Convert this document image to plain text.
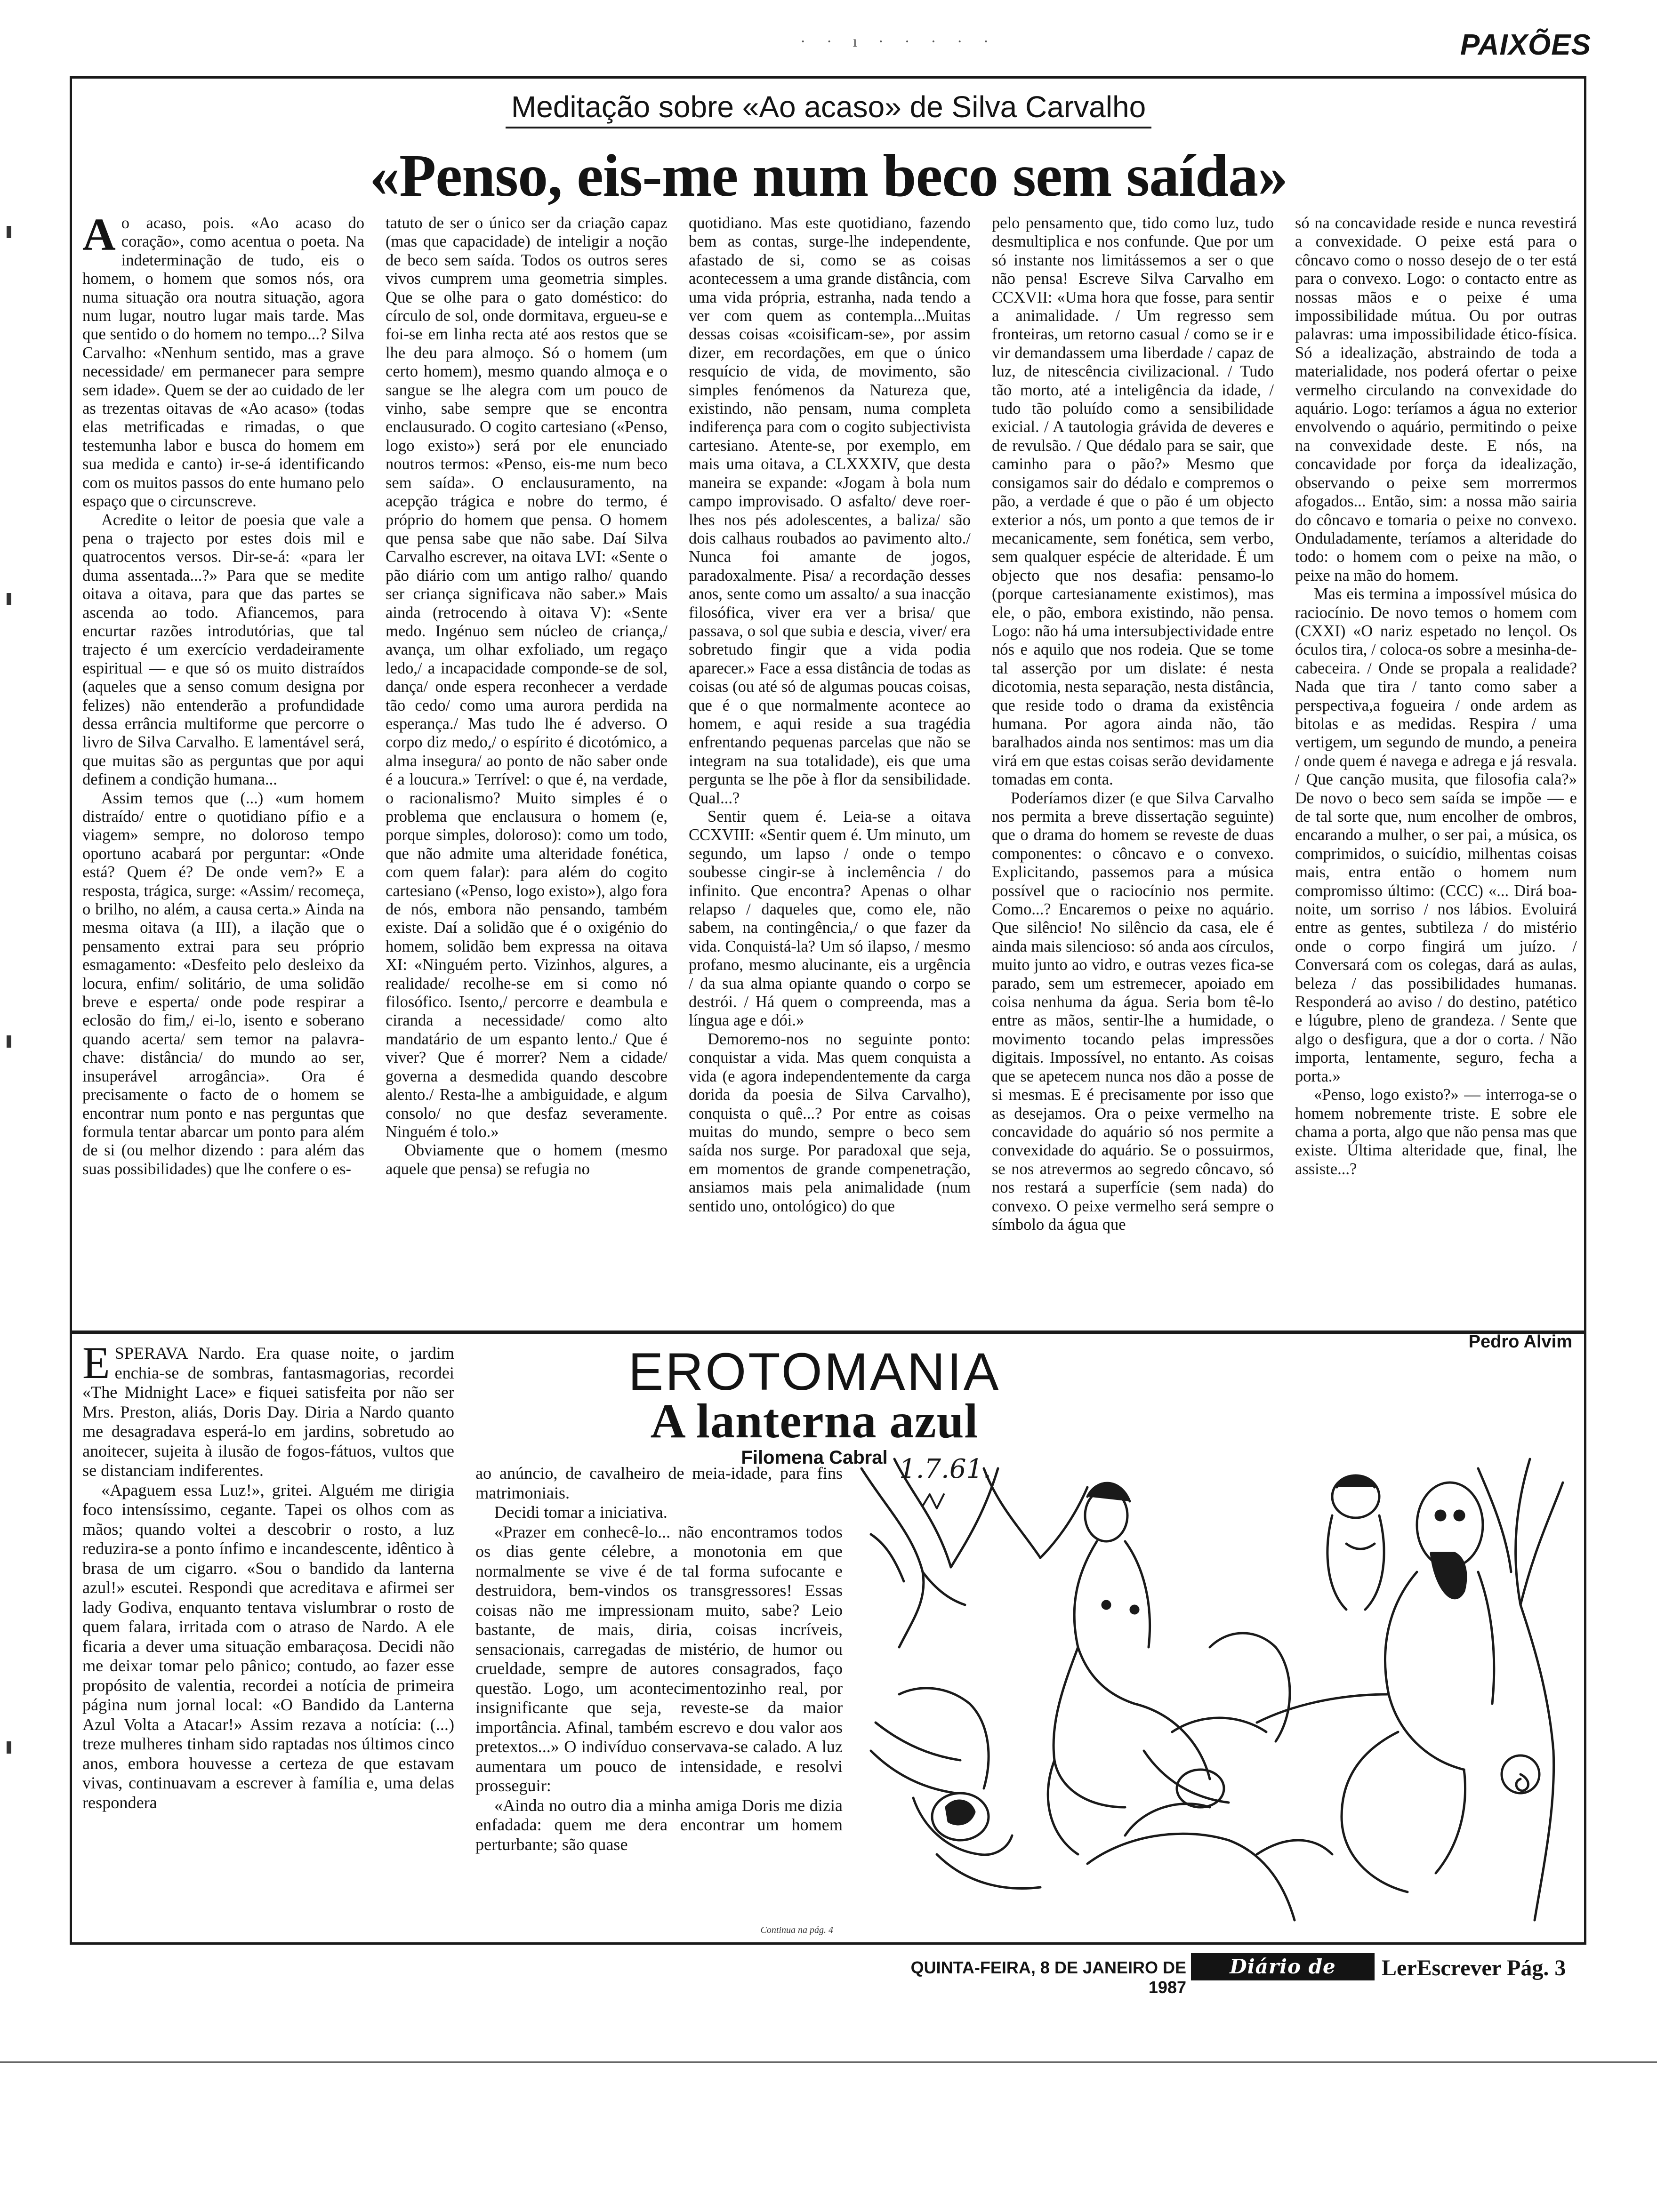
· · ı · · · · ·	PAIXÕES
Meditação sobre «Ao acaso» de Silva Carvalho
«Penso, eis-me num beco sem saída»

Ao acaso, pois. «Ao acaso do coração», como acentua o poeta. Na indeterminação de tudo, eis o homem, o homem que somos nós, ora numa situação ora noutra situação, agora num lugar, noutro lugar mais tarde. Mas que sentido o do homem no tempo...? Silva Carvalho: «Nenhum sentido, mas a grave necessidade/ em permanecer para sempre sem idade». Quem se der ao cuidado de ler as trezentas oitavas de «Ao acaso» (todas elas metrificadas e rimadas, o que testemunha labor e busca do homem em sua medida e canto) ir-se-á identificando com os muitos passos do ente humano pelo espaço que o circunscreve.

Acredite o leitor de poesia que vale a pena o trajecto por estes dois mil e quatrocentos versos. Dir-se-á: «para ler duma assentada...?» Para que se medite oitava a oitava, para que das partes se ascenda ao todo. Afiancemos, para encurtar razões introdutórias, que tal trajecto é um exercício verdadeiramente espiritual — e que só os muito distraídos (aqueles que a senso comum designa por felizes) não entenderão a profundidade dessa errância multiforme que percorre o livro de Silva Carvalho. E lamentável será, que muitas são as perguntas que por aqui definem a condição humana...

Assim temos que (...) «um homem distraído/ entre o quotidiano pífio e a viagem» sempre, no doloroso tempo oportuno acabará por perguntar: «Onde está? Quem é? De onde vem?» E a resposta, trágica, surge: «Assim/ recomeça, o brilho, no além, a causa certa.» Ainda na mesma oitava (a III), a ilação que o pensamento extrai para seu próprio esmagamento: «Desfeito pelo desleixo da locura, enfim/ solitário, de uma solidão breve e esperta/ onde pode respirar a eclosão do fim,/ ei-lo, isento e soberano quando acerta/ sem temor na palavra-chave: distância/ do mundo ao ser, insuperável arrogância». Ora é precisamente o facto de o homem se encontrar num ponto e nas perguntas que formula tentar abarcar um ponto para além de si (ou melhor dizendo : para além das suas possibilidades) que lhe confere o es-

tatuto de ser o único ser da criação capaz (mas que capacidade) de inteligir a noção de beco sem saída. Todos os outros seres vivos cumprem uma geometria simples. Que se olhe para o gato doméstico: do círculo de sol, onde dormitava, ergueu-se e foi-se em linha recta até aos restos que se lhe deu para almoço. Só o homem (um certo homem), mesmo quando almoça e o sangue se lhe alegra com um pouco de vinho, sabe sempre que se encontra enclausurado. O cogito cartesiano («Penso, logo existo») será por ele enunciado noutros termos: «Penso, eis-me num beco sem saída». O enclausuramento, na acepção trágica e nobre do termo, é próprio do homem que pensa. O homem que pensa sabe que não sabe. Daí Silva Carvalho escrever, na oitava LVI: «Sente o pão diário com um antigo ralho/ quando ser criança significava não saber.» Mais ainda (retrocendo à oitava V): «Sente medo. Ingénuo sem núcleo de criança,/ avança, um olhar exfoliado, um regaço ledo,/ a incapacidade componde-se de sol, dança/ onde espera reconhecer a verdade tão cedo/ como uma aurora perdida na esperança./ Mas tudo lhe é adverso. O corpo diz medo,/ o espírito é dicotómico, a alma insegura/ ao ponto de não saber onde é a loucura.» Terrível: o que é, na verdade, o racionalismo? Muito simples é o problema que enclausura o homem (e, porque simples, doloroso): como um todo, que não admite uma alteridade fonética, com quem falar): para além do cogito cartesiano («Penso, logo existo»), algo fora de nós, embora não pensando, também existe. Daí a solidão que é o oxigénio do homem, solidão bem expressa na oitava XI: «Ninguém perto. Vizinhos, algures, a realidade/ recolhe-se em si como nó filosófico. Isento,/ percorre e deambula e ciranda a necessidade/ como alto mandatário de um espanto lento./ Que é viver? Que é morrer? Nem a cidade/ governa a desmedida quando descobre alento./ Resta-lhe a ambiguidade, e algum consolo/ no que desfaz severamente. Ninguém é tolo.»

Obviamente que o homem (mesmo aquele que pensa) se refugia no

quotidiano. Mas este quotidiano, fazendo bem as contas, surge-lhe independente, afastado de si, como se as coisas acontecessem a uma grande distância, com uma vida própria, estranha, nada tendo a ver com quem as contempla...Muitas dessas coisas «coisificam-se», por assim dizer, em recordações, em que o único resquício de vida, de movimento, são simples fenómenos da Natureza que, existindo, não pensam, numa completa indiferença para com o cogito subjectivista cartesiano. Atente-se, por exemplo, em mais uma oitava, a CLXXXIV, que desta maneira se expande: «Jogam à bola num campo improvisado. O asfalto/ deve roer-lhes nos pés adolescentes, a baliza/ são dois calhaus roubados ao pavimento alto./ Nunca foi amante de jogos, paradoxalmente. Pisa/ a recordação desses anos, sente como um assalto/ a sua inacção filosófica, viver era ver a brisa/ que passava, o sol que subia e descia, viver/ era sobretudo fingir que a vida podia aparecer.» Face a essa distância de todas as coisas (ou até só de algumas poucas coisas, que é o que normalmente acontece ao homem, e aqui reside a sua tragédia enfrentando pequenas parcelas que não se integram na sua totalidade), eis que uma pergunta se lhe põe à flor da sensibilidade. Qual...?

Sentir quem é. Leia-se a oitava CCXVIII: «Sentir quem é. Um minuto, um segundo, um lapso / onde o tempo soubesse cingir-se à inclemência / do infinito. Que encontra? Apenas o olhar relapso / daqueles que, como ele, não sabem, na contingência,/ o que fazer da vida. Conquistá-la? Um só ilapso, / mesmo profano, mesmo alucinante, eis a urgência / da sua alma opiante quando o corpo se destrói. / Há quem o compreenda, mas a língua age e dói.»

Demoremo-nos no seguinte ponto: conquistar a vida. Mas quem conquista a vida (e agora independentemente da carga dorida da poesia de Silva Carvalho), conquista o quê...? Por entre as coisas muitas do mundo, sempre o beco sem saída nos surge. Por paradoxal que seja, em momentos de grande compenetração, ansiamos mais pela animalidade (num sentido uno, ontológico) do que

pelo pensamento que, tido como luz, tudo desmultiplica e nos confunde. Que por um só instante nos limitássemos a ser o que não pensa! Escreve Silva Carvalho em CCXVII: «Uma hora que fosse, para sentir a animalidade. / Um regresso sem fronteiras, um retorno casual / como se ir e vir demandassem uma liberdade / capaz de luz, de nitescência civilizacional. / Tudo tão morto, até a inteligência da idade, / tudo tão poluído como a sensibilidade exicial. / A tautologia grávida de deveres e de revulsão. / Que dédalo para se sair, que caminho para o pão?» Mesmo que consigamos sair do dédalo e compremos o pão, a verdade é que o pão é um objecto exterior a nós, um ponto a que temos de ir mecanicamente, sem fonética, sem verbo, sem qualquer espécie de alteridade. É um objecto que nos desafia: pensamo-lo (porque cartesianamente existimos), mas ele, o pão, embora existindo, não pensa. Logo: não há uma intersubjectividade entre nós e aquilo que nos rodeia. Que se tome tal asserção por um dislate: é nesta dicotomia, nesta separação, nesta distância, que reside todo o drama da existência humana. Por agora ainda não, tão baralhados ainda nos sentimos: mas um dia virá em que estas coisas serão devidamente tomadas em conta.

Poderíamos dizer (e que Silva Carvalho nos permita a breve dissertação seguinte) que o drama do homem se reveste de duas componentes: o côncavo e o convexo. Explicitando, passemos para a música possível que o raciocínio nos permite. Como...? Encaremos o peixe no aquário. Que silêncio! No silêncio da casa, ele é ainda mais silencioso: só anda aos círculos, muito junto ao vidro, e outras vezes fica-se parado, sem um estremecer, apoiado em coisa nenhuma da água. Seria bom tê-lo entre as mãos, sentir-lhe a humidade, o movimento tocando pelas impressões digitais. Impossível, no entanto. As coisas que se apetecem nunca nos dão a posse de si mesmas. E é precisamente por isso que as desejamos. Ora o peixe vermelho na concavidade do aquário só nos permite a convexidade do aquário. Se o possuirmos, se nos atrevermos ao segredo côncavo, só nos restará a superfície (sem nada) do convexo. O peixe vermelho será sempre o símbolo da água que

só na concavidade reside e nunca revestirá a convexidade. O peixe está para o côncavo como o nosso desejo de o ter está para o convexo. Logo: o contacto entre as nossas mãos e o peixe é uma impossibilidade mútua. Ou por outras palavras: uma impossibilidade ético-física. Só a idealização, abstraindo de toda a materialidade, nos poderá ofertar o peixe vermelho circulando na convexidade do aquário. Logo: teríamos a água no exterior envolvendo o aquário, permitindo o peixe na convexidade deste. E nós, na concavidade por força da idealização, observando o peixe sem morrermos afogados... Então, sim: a nossa mão sairia do côncavo e tomaria o peixe no convexo. Onduladamente, teríamos a alteridade do todo: o homem com o peixe na mão, o peixe na mão do homem.

Mas eis termina a impossível música do raciocínio. De novo temos o homem com (CXXI) «O nariz espetado no lençol. Os óculos tira, / coloca-os sobre a mesinha-de-cabeceira. / Onde se propala a realidade? Nada que tira / tanto como saber a perspectiva,a fogueira / onde ardem as bitolas e as medidas. Respira / uma vertigem, um segundo de mundo, a peneira / onde quem é navega e adrega e já resvala. / Que canção musita, que filosofia cala?» De novo o beco sem saída se impõe — e de tal sorte que, num encolher de ombros, encarando a mulher, o ser pai, a música, os comprimidos, o suicídio, milhentas coisas mais, entra então o homem num compromisso último: (CCC) «... Dirá boa-noite, um sorriso / nos lábios. Evoluirá entre as gentes, subtileza / do mistério onde o corpo fingirá um juízo. / Conversará com os colegas, dará as aulas, beleza / das possibilidades humanas. Responderá ao aviso / do destino, patético e lúgubre, pleno de grandeza. / Sente que algo o desfigura, que a dor o corta. / Não importa, lentamente, seguro, fecha a porta.»

«Penso, logo existo?» — interroga-se o homem nobremente triste. E sobre ele chama a porta, algo que não pensa mas que existe. Última alteridade que, final, lhe assiste...?

Pedro Alvim
EROTOMANIA
A lanterna azul
Filomena Cabral

ESPERAVA Nardo. Era quase noite, o jardim enchia-se de sombras, fantasmagorias, recordei «The Midnight Lace» e fiquei satisfeita por não ser Mrs. Preston, aliás, Doris Day. Diria a Nardo quanto me desagradava esperá-lo em jardins, sobretudo ao anoitecer, sujeita à ilusão de fogos-fátuos, vultos que se distanciam indiferentes.

«Apaguem essa Luz!», gritei. Alguém me dirigia foco intensíssimo, cegante. Tapei os olhos com as mãos; quando voltei a descobrir o rosto, a luz reduzira-se a ponto ínfimo e incandescente, idêntico à brasa de um cigarro. «Sou o bandido da lanterna azul!» escutei. Respondi que acreditava e afirmei ser lady Godiva, enquanto tentava vislumbrar o rosto de quem falara, irritada com o atraso de Nardo. A ele ficaria a dever uma situação embaraçosa. Decidi não me deixar tomar pelo pânico; contudo, ao fazer esse propósito de valentia, recordei a notícia de primeira página num jornal local: «O Bandido da Lanterna Azul Volta a Atacar!» Assim rezava a notícia: (...) treze mulheres tinham sido raptadas nos últimos cinco anos, embora houvesse a certeza de que estavam vivas, continuavam a escrever à família e, uma delas respondera

ao anúncio, de cavalheiro de meia-idade, para fins matrimoniais.

Decidi tomar a iniciativa.

«Prazer em conhecê-lo... não encontramos todos os dias gente célebre, a monotonia em que normalmente se vive é de tal forma sufocante e destruidora, bem-vindos os transgressores! Essas coisas não me impressionam muito, sabe? Leio bastante, de mais, diria, coisas incríveis, sensacionais, carregadas de mistério, de humor ou crueldade, sempre de autores consagrados, faço questão. Logo, um acontecimentozinho real, por insignificante que seja, reveste-se da maior importância. Afinal, também escrevo e dou valor aos pretextos...» O indivíduo conservava-se calado. A luz aumentara um pouco de intensidade, e resolvi prosseguir:

«Ainda no outro dia a minha amiga Doris me dizia enfadada: quem me dera encontrar um homem perturbante; são quase

Continua na pág. 4
1.7.61.
QUINTA-FEIRA, 8 DE JANEIRO DE 1987
Diário de Lisboa
LerEscrever Pág. 3
